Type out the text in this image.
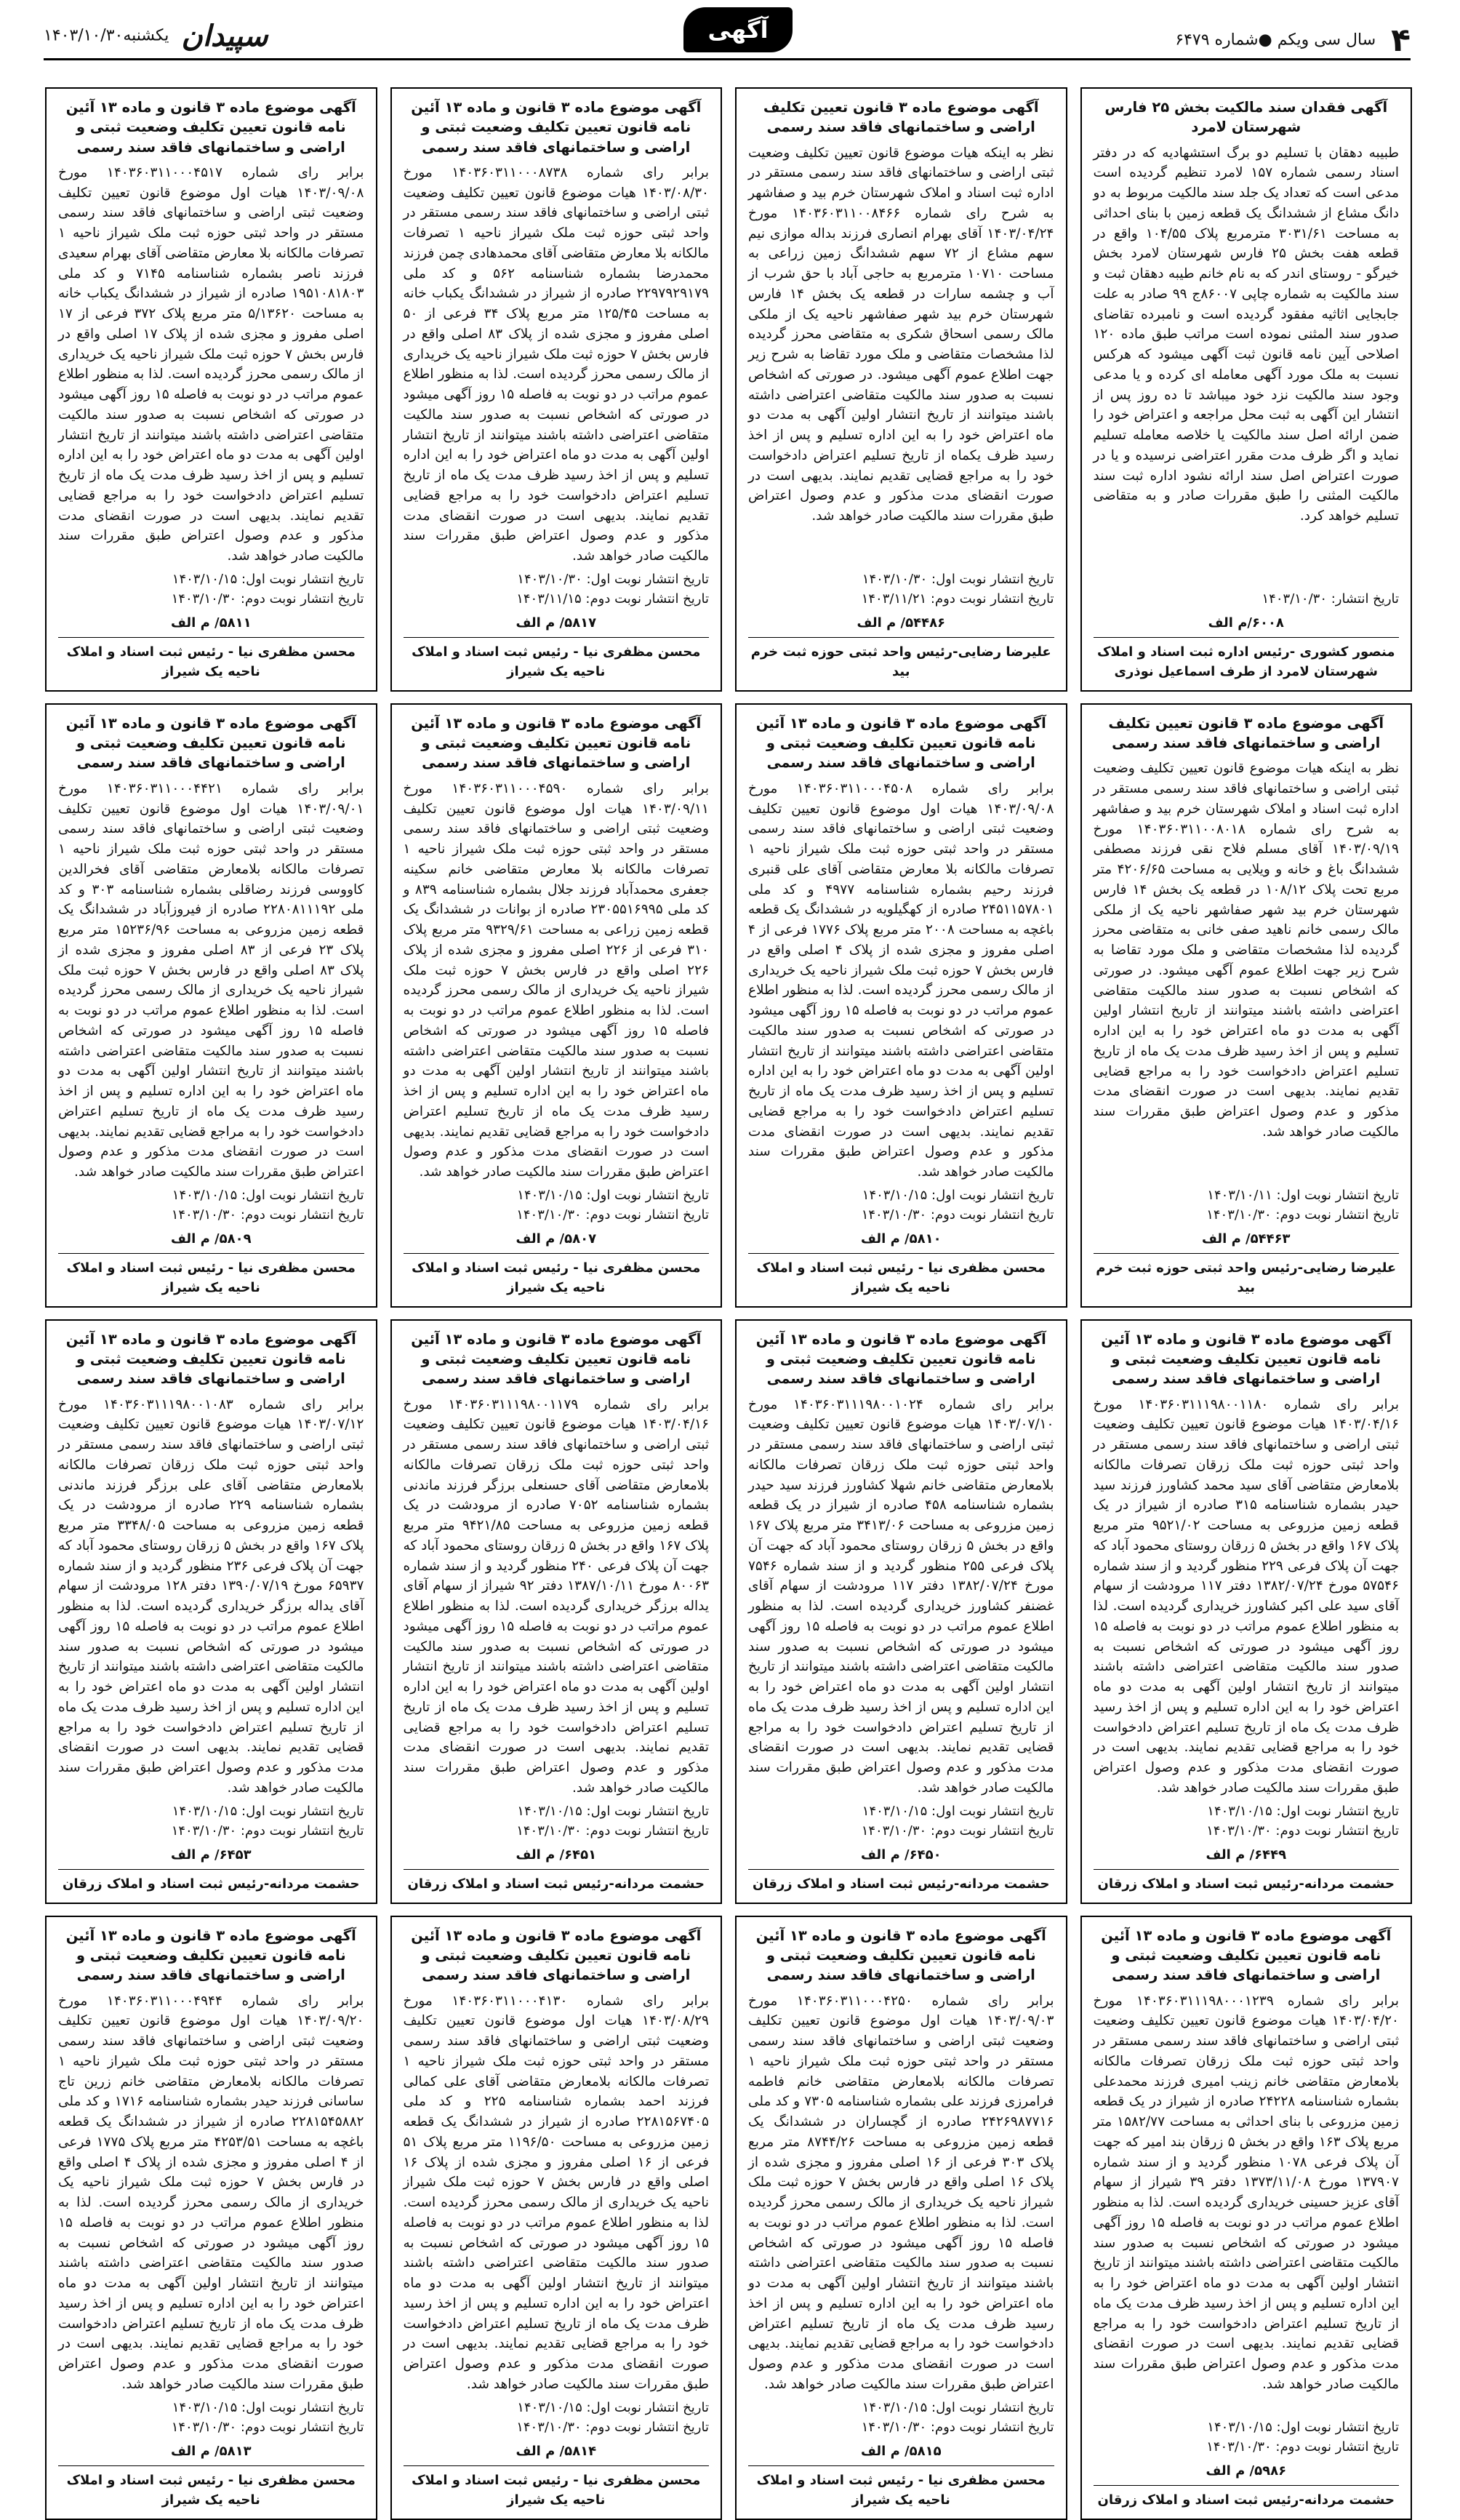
۴ سال سی ویکم ●شماره ۶۴۷۹
آگهی
سپیدان یکشنبه۱۴۰۳/۱۰/۳۰
آگهی فقدان سند مالکیت بخش ۲۵ فارس شهرستان لامرد
طبیبه دهقان با تسلیم دو برگ استشهادیه که در دفتر اسناد رسمی شماره ۱۵۷ لامرد تنظیم گردیده است مدعی است که تعداد یک جلد سند مالکیت مربوط به دو دانگ مشاع از ششدانگ یک قطعه زمین با بنای احداثی به مساحت ۳۰۳۱/۶۱ مترمربع پلاک ۱۰۴/۵۵ واقع در قطعه هفت بخش ۲۵ فارس شهرستان لامرد بخش خیرگو - روستای اندر که به نام خانم طیبه دهقان ثبت و سند مالکیت به شماره چاپی ۸۶۰۰۷ج ۹۹ صادر به علت جابجایی اثاثیه مفقود گردیده است و نامبرده تقاضای صدور سند المثنی نموده است مراتب طبق ماده ۱۲۰ اصلاحی آیین نامه قانون ثبت آگهی میشود که هرکس نسبت به ملک مورد آگهی معامله ای کرده و یا مدعی وجود سند مالکیت نزد خود میباشد تا ده روز پس از انتشار این آگهی به ثبت محل مراجعه و اعتراض خود را ضمن ارائه اصل سند مالکیت یا خلاصه معامله تسلیم نماید و اگر ظرف مدت مقرر اعتراضی نرسیده و یا در صورت اعتراض اصل سند ارائه نشود اداره ثبت سند مالکیت المثنی را طبق مقررات صادر و به متقاضی تسلیم خواهد کرد.
تاریخ انتشار: ۱۴۰۳/۱۰/۳۰
۶۰۰۸/م الف
منصور کشوری -رئیس اداره ثبت اسناد و املاک شهرستان لامرد از طرف اسماعیل نوذری
آگهی موضوع ماده ۳ قانون تعیین تکلیف اراضی و ساختمانهای فاقد سند رسمی
نظر به اینکه هیات موضوع قانون تعیین تکلیف وضعیت ثبتی اراضی و ساختمانهای فاقد سند رسمی مستقر در اداره ثبت اسناد و املاک شهرستان خرم بید و صفاشهر به شرح رای شماره ۱۴۰۳۶۰۳۱۱۰۰۸۴۶۶ مورخ ۱۴۰۳/۰۴/۲۴ آقای بهرام انصاری فرزند بداله موازی نیم سهم مشاع از ۷۲ سهم ششدانگ زمین زراعی به مساحت ۱۰۷۱۰ مترمربع به حاجی آباد با حق شرب از آب و چشمه سارات در قطعه یک بخش ۱۴ فارس شهرستان خرم بید شهر صفاشهر ناحیه یک از ملکی مالک رسمی اسحاق شکری به متقاضی محرز گردیده لذا مشخصات متقاضی و ملک مورد تقاضا به شرح زیر جهت اطلاع عموم آگهی میشود. در صورتی که اشخاص نسبت به صدور سند مالکیت متقاضی اعتراضی داشته باشند میتوانند از تاریخ انتشار اولین آگهی به مدت دو ماه اعتراض خود را به این اداره تسلیم و پس از اخذ رسید ظرف یکماه از تاریخ تسلیم اعتراض دادخواست خود را به مراجع قضایی تقدیم نمایند. بدیهی است در صورت انقضای مدت مذکور و عدم وصول اعتراض طبق مقررات سند مالکیت صادر خواهد شد.
تاریخ انتشار نوبت اول: ۱۴۰۳/۱۰/۳۰
تاریخ انتشار نوبت دوم: ۱۴۰۳/۱۱/۲۱
۵۴۴۸۶/ م الف
علیرضا رضایی-رئیس واحد ثبتی حوزه ثبت خرم بید
آگهی موضوع ماده ۳ قانون و ماده ۱۳ آئین نامه قانون تعیین تکلیف وضعیت ثبتی و اراضی و ساختمانهای فاقد سند رسمی
برابر رای شماره ۱۴۰۳۶۰۳۱۱۰۰۰۸۷۳۸ مورخ ۱۴۰۳/۰۸/۳۰ هیات موضوع قانون تعیین تکلیف وضعیت ثبتی اراضی و ساختمانهای فاقد سند رسمی مستقر در واحد ثبتی حوزه ثبت ملک شیراز ناحیه ۱ تصرفات مالکانه بلا معارض متقاضی آقای محمدهادی چمن فرزند محمدرضا بشماره شناسنامه ۵۶۲ و کد ملی ۲۲۹۷۹۲۹۱۷۹ صادره از شیراز در ششدانگ یکباب خانه به مساحت ۱۲۵/۴۵ متر مربع پلاک ۳۴ فرعی از ۵۰ اصلی مفروز و مجزی شده از پلاک ۸۳ اصلی واقع در فارس بخش ۷ حوزه ثبت ملک شیراز ناحیه یک خریداری از مالک رسمی محرز گردیده است. لذا به منظور اطلاع عموم مراتب در دو نوبت به فاصله ۱۵ روز آگهی میشود در صورتی که اشخاص نسبت به صدور سند مالکیت متقاضی اعتراضی داشته باشند میتوانند از تاریخ انتشار اولین آگهی به مدت دو ماه اعتراض خود را به این اداره تسلیم و پس از اخذ رسید ظرف مدت یک ماه از تاریخ تسلیم اعتراض دادخواست خود را به مراجع قضایی تقدیم نمایند. بدیهی است در صورت انقضای مدت مذکور و عدم وصول اعتراض طبق مقررات سند مالکیت صادر خواهد شد.
تاریخ انتشار نوبت اول: ۱۴۰۳/۱۰/۳۰
تاریخ انتشار نوبت دوم: ۱۴۰۳/۱۱/۱۵
۵۸۱۷/ م الف
محسن مظفری نیا - رئیس ثبت اسناد و املاک ناحیه یک شیراز
آگهی موضوع ماده ۳ قانون و ماده ۱۳ آئین نامه قانون تعیین تکلیف وضعیت ثبتی و اراضی و ساختمانهای فاقد سند رسمی
برابر رای شماره ۱۴۰۳۶۰۳۱۱۰۰۰۴۵۱۷ مورخ ۱۴۰۳/۰۹/۰۸ هیات اول موضوع قانون تعیین تکلیف وضعیت ثبتی اراضی و ساختمانهای فاقد سند رسمی مستقر در واحد ثبتی حوزه ثبت ملک شیراز ناحیه ۱ تصرفات مالکانه بلا معارض متقاضی آقای بهرام سعیدی فرزند ناصر بشماره شناسنامه ۷۱۴۵ و کد ملی ۱۹۵۱۰۸۱۸۰۳ صادره از شیراز در ششدانگ یکباب خانه به مساحت ۵/۱۳۶۲۰ متر مربع پلاک ۳۷۲ فرعی از ۱۷ اصلی مفروز و مجزی شده از پلاک ۱۷ اصلی واقع در فارس بخش ۷ حوزه ثبت ملک شیراز ناحیه یک خریداری از مالک رسمی محرز گردیده است. لذا به منظور اطلاع عموم مراتب در دو نوبت به فاصله ۱۵ روز آگهی میشود در صورتی که اشخاص نسبت به صدور سند مالکیت متقاضی اعتراضی داشته باشند میتوانند از تاریخ انتشار اولین آگهی به مدت دو ماه اعتراض خود را به این اداره تسلیم و پس از اخذ رسید ظرف مدت یک ماه از تاریخ تسلیم اعتراض دادخواست خود را به مراجع قضایی تقدیم نمایند. بدیهی است در صورت انقضای مدت مذکور و عدم وصول اعتراض طبق مقررات سند مالکیت صادر خواهد شد.
تاریخ انتشار نوبت اول: ۱۴۰۳/۱۰/۱۵
تاریخ انتشار نوبت دوم: ۱۴۰۳/۱۰/۳۰
۵۸۱۱/ م الف
محسن مظفری نیا - رئیس ثبت اسناد و املاک ناحیه یک شیراز
آگهی موضوع ماده ۳ قانون تعیین تکلیف اراضی و ساختمانهای فاقد سند رسمی
نظر به اینکه هیات موضوع قانون تعیین تکلیف وضعیت ثبتی اراضی و ساختمانهای فاقد سند رسمی مستقر در اداره ثبت اسناد و املاک شهرستان خرم بید و صفاشهر به شرح رای شماره ۱۴۰۳۶۰۳۱۱۰۰۸۰۱۸ مورخ ۱۴۰۳/۰۹/۱۹ آقای مسلم فلاح نقی فرزند مصطفی ششدانگ باغ و خانه و ویلایی به مساحت ۴۲۰۶/۶۵ متر مربع تحت پلاک ۱۰۸/۱۲ در قطعه یک بخش ۱۴ فارس شهرستان خرم بید شهر صفاشهر ناحیه یک از ملکی مالک رسمی خانم ناهید صفی خانی به متقاضی محرز گردیده لذا مشخصات متقاضی و ملک مورد تقاضا به شرح زیر جهت اطلاع عموم آگهی میشود. در صورتی که اشخاص نسبت به صدور سند مالکیت متقاضی اعتراضی داشته باشند میتوانند از تاریخ انتشار اولین آگهی به مدت دو ماه اعتراض خود را به این اداره تسلیم و پس از اخذ رسید ظرف مدت یک ماه از تاریخ تسلیم اعتراض دادخواست خود را به مراجع قضایی تقدیم نمایند. بدیهی است در صورت انقضای مدت مذکور و عدم وصول اعتراض طبق مقررات سند مالکیت صادر خواهد شد.
تاریخ انتشار نوبت اول: ۱۴۰۳/۱۰/۱۱
تاریخ انتشار نوبت دوم: ۱۴۰۳/۱۰/۳۰
۵۴۴۶۳/ م الف
علیرضا رضایی-رئیس واحد ثبتی حوزه ثبت خرم بید
آگهی موضوع ماده ۳ قانون و ماده ۱۳ آئین نامه قانون تعیین تکلیف وضعیت ثبتی و اراضی و ساختمانهای فاقد سند رسمی
برابر رای شماره ۱۴۰۳۶۰۳۱۱۰۰۰۴۵۰۸ مورخ ۱۴۰۳/۰۹/۰۸ هیات اول موضوع قانون تعیین تکلیف وضعیت ثبتی اراضی و ساختمانهای فاقد سند رسمی مستقر در واحد ثبتی حوزه ثبت ملک شیراز ناحیه ۱ تصرفات مالکانه بلا معارض متقاضی آقای علی قنبری فرزند رحیم بشماره شناسنامه ۴۹۷۷ و کد ملی ۲۴۵۱۱۵۷۸۰۱ صادره از کهگیلویه در ششدانگ یک قطعه باغچه به مساحت ۲۰۰۸ متر مربع پلاک ۱۷۷۶ فرعی از ۴ اصلی مفروز و مجزی شده از پلاک ۴ اصلی واقع در فارس بخش ۷ حوزه ثبت ملک شیراز ناحیه یک خریداری از مالک رسمی محرز گردیده است. لذا به منظور اطلاع عموم مراتب در دو نوبت به فاصله ۱۵ روز آگهی میشود در صورتی که اشخاص نسبت به صدور سند مالکیت متقاضی اعتراضی داشته باشند میتوانند از تاریخ انتشار اولین آگهی به مدت دو ماه اعتراض خود را به این اداره تسلیم و پس از اخذ رسید ظرف مدت یک ماه از تاریخ تسلیم اعتراض دادخواست خود را به مراجع قضایی تقدیم نمایند. بدیهی است در صورت انقضای مدت مذکور و عدم وصول اعتراض طبق مقررات سند مالکیت صادر خواهد شد.
تاریخ انتشار نوبت اول: ۱۴۰۳/۱۰/۱۵
تاریخ انتشار نوبت دوم: ۱۴۰۳/۱۰/۳۰
۵۸۱۰/ م الف
محسن مظفری نیا - رئیس ثبت اسناد و املاک ناحیه یک شیراز
آگهی موضوع ماده ۳ قانون و ماده ۱۳ آئین نامه قانون تعیین تکلیف وضعیت ثبتی و اراضی و ساختمانهای فاقد سند رسمی
برابر رای شماره ۱۴۰۳۶۰۳۱۱۰۰۰۴۵۹۰ مورخ ۱۴۰۳/۰۹/۱۱ هیات اول موضوع قانون تعیین تکلیف وضعیت ثبتی اراضی و ساختمانهای فاقد سند رسمی مستقر در واحد ثبتی حوزه ثبت ملک شیراز ناحیه ۱ تصرفات مالکانه بلا معارض متقاضی خانم سکینه جعفری محمدآباد فرزند جلال بشماره شناسنامه ۸۳۹ و کد ملی ۲۳۰۵۵۱۶۹۹۵ صادره از بوانات در ششدانگ یک قطعه زمین زراعی به مساحت ۹۳۲۹/۶۱ متر مربع پلاک ۳۱۰ فرعی از ۲۲۶ اصلی مفروز و مجزی شده از پلاک ۲۲۶ اصلی واقع در فارس بخش ۷ حوزه ثبت ملک شیراز ناحیه یک خریداری از مالک رسمی محرز گردیده است. لذا به منظور اطلاع عموم مراتب در دو نوبت به فاصله ۱۵ روز آگهی میشود در صورتی که اشخاص نسبت به صدور سند مالکیت متقاضی اعتراضی داشته باشند میتوانند از تاریخ انتشار اولین آگهی به مدت دو ماه اعتراض خود را به این اداره تسلیم و پس از اخذ رسید ظرف مدت یک ماه از تاریخ تسلیم اعتراض دادخواست خود را به مراجع قضایی تقدیم نمایند. بدیهی است در صورت انقضای مدت مذکور و عدم وصول اعتراض طبق مقررات سند مالکیت صادر خواهد شد.
تاریخ انتشار نوبت اول: ۱۴۰۳/۱۰/۱۵
تاریخ انتشار نوبت دوم: ۱۴۰۳/۱۰/۳۰
۵۸۰۷/ م الف
محسن مظفری نیا - رئیس ثبت اسناد و املاک ناحیه یک شیراز
آگهی موضوع ماده ۳ قانون و ماده ۱۳ آئین نامه قانون تعیین تکلیف وضعیت ثبتی و اراضی و ساختمانهای فاقد سند رسمی
برابر رای شماره ۱۴۰۳۶۰۳۱۱۰۰۰۴۴۲۱ مورخ ۱۴۰۳/۰۹/۰۱ هیات اول موضوع قانون تعیین تکلیف وضعیت ثبتی اراضی و ساختمانهای فاقد سند رسمی مستقر در واحد ثبتی حوزه ثبت ملک شیراز ناحیه ۱ تصرفات مالکانه بلامعارض متقاضی آقای فخرالدین کاووسی فرزند رضاقلی بشماره شناسنامه ۳۰۳ و کد ملی ۲۲۸۰۸۱۱۱۹۲ صادره از فیروزآباد در ششدانگ یک قطعه زمین مزروعی به مساحت ۱۵۲۳۶/۹۶ متر مربع پلاک ۲۳ فرعی از ۸۳ اصلی مفروز و مجزی شده از پلاک ۸۳ اصلی واقع در فارس بخش ۷ حوزه ثبت ملک شیراز ناحیه یک خریداری از مالک رسمی محرز گردیده است. لذا به منظور اطلاع عموم مراتب در دو نوبت به فاصله ۱۵ روز آگهی میشود در صورتی که اشخاص نسبت به صدور سند مالکیت متقاضی اعتراضی داشته باشند میتوانند از تاریخ انتشار اولین آگهی به مدت دو ماه اعتراض خود را به این اداره تسلیم و پس از اخذ رسید ظرف مدت یک ماه از تاریخ تسلیم اعتراض دادخواست خود را به مراجع قضایی تقدیم نمایند. بدیهی است در صورت انقضای مدت مذکور و عدم وصول اعتراض طبق مقررات سند مالکیت صادر خواهد شد.
تاریخ انتشار نوبت اول: ۱۴۰۳/۱۰/۱۵
تاریخ انتشار نوبت دوم: ۱۴۰۳/۱۰/۳۰
۵۸۰۹/ م الف
محسن مظفری نیا - رئیس ثبت اسناد و املاک ناحیه یک شیراز
آگهی موضوع ماده ۳ قانون و ماده ۱۳ آئین نامه قانون تعیین تکلیف وضعیت ثبتی و اراضی و ساختمانهای فاقد سند رسمی
برابر رای شماره ۱۴۰۳۶۰۳۱۱۱۹۸۰۰۱۱۸۰ مورخ ۱۴۰۳/۰۴/۱۶ هیات موضوع قانون تعیین تکلیف وضعیت ثبتی اراضی و ساختمانهای فاقد سند رسمی مستقر در واحد ثبتی حوزه ثبت ملک زرقان تصرفات مالکانه بلامعارض متقاضی آقای سید محمد کشاورز فرزند سید حیدر بشماره شناسنامه ۳۱۵ صادره از شیراز در یک قطعه زمین مزروعی به مساحت ۹۵۲۱/۰۲ متر مربع پلاک ۱۶۷ واقع در بخش ۵ زرقان روستای محمود آباد که جهت آن پلاک فرعی ۲۲۹ منظور گردید و از سند شماره ۵۷۵۴۶ مورخ ۱۳۸۲/۰۷/۲۴ دفتر ۱۱۷ مرودشت از سهام آقای سید علی اکبر کشاورز خریداری گردیده است. لذا به منظور اطلاع عموم مراتب در دو نوبت به فاصله ۱۵ روز آگهی میشود در صورتی که اشخاص نسبت به صدور سند مالکیت متقاضی اعتراضی داشته باشند میتوانند از تاریخ انتشار اولین آگهی به مدت دو ماه اعتراض خود را به این اداره تسلیم و پس از اخذ رسید ظرف مدت یک ماه از تاریخ تسلیم اعتراض دادخواست خود را به مراجع قضایی تقدیم نمایند. بدیهی است در صورت انقضای مدت مذکور و عدم وصول اعتراض طبق مقررات سند مالکیت صادر خواهد شد.
تاریخ انتشار نوبت اول: ۱۴۰۳/۱۰/۱۵
تاریخ انتشار نوبت دوم: ۱۴۰۳/۱۰/۳۰
۶۴۴۹/ م الف
حشمت مردانه-رئیس ثبت اسناد و املاک زرقان
آگهی موضوع ماده ۳ قانون و ماده ۱۳ آئین نامه قانون تعیین تکلیف وضعیت ثبتی و اراضی و ساختمانهای فاقد سند رسمی
برابر رای شماره ۱۴۰۳۶۰۳۱۱۱۹۸۰۰۱۰۲۴ مورخ ۱۴۰۳/۰۷/۱۰ هیات موضوع قانون تعیین تکلیف وضعیت ثبتی اراضی و ساختمانهای فاقد سند رسمی مستقر در واحد ثبتی حوزه ثبت ملک زرقان تصرفات مالکانه بلامعارض متقاضی خانم شهلا کشاورز فرزند سید حیدر بشماره شناسنامه ۴۵۸ صادره از شیراز در یک قطعه زمین مزروعی به مساحت ۳۴۱۳/۰۶ متر مربع پلاک ۱۶۷ واقع در بخش ۵ زرقان روستای محمود آباد که جهت آن پلاک فرعی ۲۵۵ منظور گردید و از سند شماره ۷۵۴۶ مورخ ۱۳۸۲/۰۷/۲۴ دفتر ۱۱۷ مرودشت از سهام آقای غضنفر کشاورز خریداری گردیده است. لذا به منظور اطلاع عموم مراتب در دو نوبت به فاصله ۱۵ روز آگهی میشود در صورتی که اشخاص نسبت به صدور سند مالکیت متقاضی اعتراضی داشته باشند میتوانند از تاریخ انتشار اولین آگهی به مدت دو ماه اعتراض خود را به این اداره تسلیم و پس از اخذ رسید ظرف مدت یک ماه از تاریخ تسلیم اعتراض دادخواست خود را به مراجع قضایی تقدیم نمایند. بدیهی است در صورت انقضای مدت مذکور و عدم وصول اعتراض طبق مقررات سند مالکیت صادر خواهد شد.
تاریخ انتشار نوبت اول: ۱۴۰۳/۱۰/۱۵
تاریخ انتشار نوبت دوم: ۱۴۰۳/۱۰/۳۰
۶۴۵۰/ م الف
حشمت مردانه-رئیس ثبت اسناد و املاک زرقان
آگهی موضوع ماده ۳ قانون و ماده ۱۳ آئین نامه قانون تعیین تکلیف وضعیت ثبتی و اراضی و ساختمانهای فاقد سند رسمی
برابر رای شماره ۱۴۰۳۶۰۳۱۱۱۹۸۰۰۱۱۷۹ مورخ ۱۴۰۳/۰۴/۱۶ هیات موضوع قانون تعیین تکلیف وضعیت ثبتی اراضی و ساختمانهای فاقد سند رسمی مستقر در واحد ثبتی حوزه ثبت ملک زرقان تصرفات مالکانه بلامعارض متقاضی آقای حسنعلی برزگر فرزند ماندنی بشماره شناسنامه ۷۰۵۲ صادره از مرودشت در یک قطعه زمین مزروعی به مساحت ۹۴۲۱/۸۵ متر مربع پلاک ۱۶۷ واقع در بخش ۵ زرقان روستای محمود آباد که جهت آن پلاک فرعی ۲۴۰ منظور گردید و از سند شماره ۸۰۰۶۳ مورخ ۱۳۸۷/۱۰/۱۱ دفتر ۹۲ شیراز از سهام آقای یداله برزگر خریداری گردیده است. لذا به منظور اطلاع عموم مراتب در دو نوبت به فاصله ۱۵ روز آگهی میشود در صورتی که اشخاص نسبت به صدور سند مالکیت متقاضی اعتراضی داشته باشند میتوانند از تاریخ انتشار اولین آگهی به مدت دو ماه اعتراض خود را به این اداره تسلیم و پس از اخذ رسید ظرف مدت یک ماه از تاریخ تسلیم اعتراض دادخواست خود را به مراجع قضایی تقدیم نمایند. بدیهی است در صورت انقضای مدت مذکور و عدم وصول اعتراض طبق مقررات سند مالکیت صادر خواهد شد.
تاریخ انتشار نوبت اول: ۱۴۰۳/۱۰/۱۵
تاریخ انتشار نوبت دوم: ۱۴۰۳/۱۰/۳۰
۶۴۵۱/ م الف
حشمت مردانه-رئیس ثبت اسناد و املاک زرقان
آگهی موضوع ماده ۳ قانون و ماده ۱۳ آئین نامه قانون تعیین تکلیف وضعیت ثبتی و اراضی و ساختمانهای فاقد سند رسمی
برابر رای شماره ۱۴۰۳۶۰۳۱۱۱۹۸۰۰۱۰۸۳ مورخ ۱۴۰۳/۰۷/۱۲ هیات موضوع قانون تعیین تکلیف وضعیت ثبتی اراضی و ساختمانهای فاقد سند رسمی مستقر در واحد ثبتی حوزه ثبت ملک زرقان تصرفات مالکانه بلامعارض متقاضی آقای علی برزگر فرزند ماندنی بشماره شناسنامه ۲۲۹ صادره از مرودشت در یک قطعه زمین مزروعی به مساحت ۳۳۴۸/۰۵ متر مربع پلاک ۱۶۷ واقع در بخش ۵ زرقان روستای محمود آباد که جهت آن پلاک فرعی ۲۳۶ منظور گردید و از سند شماره ۶۵۹۳۷ مورخ ۱۳۹۰/۰۷/۱۹ دفتر ۱۲۸ مرودشت از سهام آقای یداله برزگر خریداری گردیده است. لذا به منظور اطلاع عموم مراتب در دو نوبت به فاصله ۱۵ روز آگهی میشود در صورتی که اشخاص نسبت به صدور سند مالکیت متقاضی اعتراضی داشته باشند میتوانند از تاریخ انتشار اولین آگهی به مدت دو ماه اعتراض خود را به این اداره تسلیم و پس از اخذ رسید ظرف مدت یک ماه از تاریخ تسلیم اعتراض دادخواست خود را به مراجع قضایی تقدیم نمایند. بدیهی است در صورت انقضای مدت مذکور و عدم وصول اعتراض طبق مقررات سند مالکیت صادر خواهد شد.
تاریخ انتشار نوبت اول: ۱۴۰۳/۱۰/۱۵
تاریخ انتشار نوبت دوم: ۱۴۰۳/۱۰/۳۰
۶۴۵۳/ م الف
حشمت مردانه-رئیس ثبت اسناد و املاک زرقان
آگهی موضوع ماده ۳ قانون و ماده ۱۳ آئین نامه قانون تعیین تکلیف وضعیت ثبتی و اراضی و ساختمانهای فاقد سند رسمی
برابر رای شماره ۱۴۰۳۶۰۳۱۱۱۹۸۰۰۰۱۲۳۹ مورخ ۱۴۰۳/۰۴/۲۰ هیات موضوع قانون تعیین تکلیف وضعیت ثبتی اراضی و ساختمانهای فاقد سند رسمی مستقر در واحد ثبتی حوزه ثبت ملک زرقان تصرفات مالکانه بلامعارض متقاضی خانم زینب امیری فرزند محمدعلی بشماره شناسنامه ۲۴۲۲۸ صادره از شیراز در یک قطعه زمین مزروعی با بنای احداثی به مساحت ۱۵۸۲/۷۷ متر مربع پلاک ۱۶۳ واقع در بخش ۵ زرقان بند امیر که جهت آن پلاک فرعی ۱۰۷۸ منظور گردید و از سند شماره ۱۳۷۹۰۷ مورخ ۱۳۷۳/۱۱/۰۸ دفتر ۳۹ شیراز از سهام آقای عزیز حسینی خریداری گردیده است. لذا به منظور اطلاع عموم مراتب در دو نوبت به فاصله ۱۵ روز آگهی میشود در صورتی که اشخاص نسبت به صدور سند مالکیت متقاضی اعتراضی داشته باشند میتوانند از تاریخ انتشار اولین آگهی به مدت دو ماه اعتراض خود را به این اداره تسلیم و پس از اخذ رسید ظرف مدت یک ماه از تاریخ تسلیم اعتراض دادخواست خود را به مراجع قضایی تقدیم نمایند. بدیهی است در صورت انقضای مدت مذکور و عدم وصول اعتراض طبق مقررات سند مالکیت صادر خواهد شد.
تاریخ انتشار نوبت اول: ۱۴۰۳/۱۰/۱۵
تاریخ انتشار نوبت دوم: ۱۴۰۳/۱۰/۳۰
۵۹۸۶/ م الف
حشمت مردانه-رئیس ثبت اسناد و املاک زرقان
آگهی موضوع ماده ۳ قانون و ماده ۱۳ آئین نامه قانون تعیین تکلیف وضعیت ثبتی و اراضی و ساختمانهای فاقد سند رسمی
برابر رای شماره ۱۴۰۳۶۰۳۱۱۰۰۰۴۲۵۰ مورخ ۱۴۰۳/۰۹/۰۳ هیات اول موضوع قانون تعیین تکلیف وضعیت ثبتی اراضی و ساختمانهای فاقد سند رسمی مستقر در واحد ثبتی حوزه ثبت ملک شیراز ناحیه ۱ تصرفات مالکانه بلامعارض متقاضی خانم فاطمه فرامرزی فرزند علی بشماره شناسنامه ۷۳۰۵ و کد ملی ۲۴۲۶۹۸۷۷۱۶ صادره از گچساران در ششدانگ یک قطعه زمین مزروعی به مساحت ۸۷۴۴/۲۶ متر مربع پلاک ۳۰۳ فرعی از ۱۶ اصلی مفروز و مجزی شده از پلاک ۱۶ اصلی واقع در فارس بخش ۷ حوزه ثبت ملک شیراز ناحیه یک خریداری از مالک رسمی محرز گردیده است. لذا به منظور اطلاع عموم مراتب در دو نوبت به فاصله ۱۵ روز آگهی میشود در صورتی که اشخاص نسبت به صدور سند مالکیت متقاضی اعتراضی داشته باشند میتوانند از تاریخ انتشار اولین آگهی به مدت دو ماه اعتراض خود را به این اداره تسلیم و پس از اخذ رسید ظرف مدت یک ماه از تاریخ تسلیم اعتراض دادخواست خود را به مراجع قضایی تقدیم نمایند. بدیهی است در صورت انقضای مدت مذکور و عدم وصول اعتراض طبق مقررات سند مالکیت صادر خواهد شد.
تاریخ انتشار نوبت اول: ۱۴۰۳/۱۰/۱۵
تاریخ انتشار نوبت دوم: ۱۴۰۳/۱۰/۳۰
۵۸۱۵/ م الف
محسن مظفری نیا - رئیس ثبت اسناد و املاک ناحیه یک شیراز
آگهی موضوع ماده ۳ قانون و ماده ۱۳ آئین نامه قانون تعیین تکلیف وضعیت ثبتی و اراضی و ساختمانهای فاقد سند رسمی
برابر رای شماره ۱۴۰۳۶۰۳۱۱۰۰۰۴۱۳۰ مورخ ۱۴۰۳/۰۸/۲۹ هیات اول موضوع قانون تعیین تکلیف وضعیت ثبتی اراضی و ساختمانهای فاقد سند رسمی مستقر در واحد ثبتی حوزه ثبت ملک شیراز ناحیه ۱ تصرفات مالکانه بلامعارض متقاضی آقای علی کمالی فرزند احمد بشماره شناسنامه ۲۲۵ و کد ملی ۲۲۸۱۵۶۷۴۰۵ صادره از شیراز در ششدانگ یک قطعه زمین مزروعی به مساحت ۱۱۹۶/۵۰ متر مربع پلاک ۵۱ فرعی از ۱۶ اصلی مفروز و مجزی شده از پلاک ۱۶ اصلی واقع در فارس بخش ۷ حوزه ثبت ملک شیراز ناحیه یک خریداری از مالک رسمی محرز گردیده است. لذا به منظور اطلاع عموم مراتب در دو نوبت به فاصله ۱۵ روز آگهی میشود در صورتی که اشخاص نسبت به صدور سند مالکیت متقاضی اعتراضی داشته باشند میتوانند از تاریخ انتشار اولین آگهی به مدت دو ماه اعتراض خود را به این اداره تسلیم و پس از اخذ رسید ظرف مدت یک ماه از تاریخ تسلیم اعتراض دادخواست خود را به مراجع قضایی تقدیم نمایند. بدیهی است در صورت انقضای مدت مذکور و عدم وصول اعتراض طبق مقررات سند مالکیت صادر خواهد شد.
تاریخ انتشار نوبت اول: ۱۴۰۳/۱۰/۱۵
تاریخ انتشار نوبت دوم: ۱۴۰۳/۱۰/۳۰
۵۸۱۴/ م الف
محسن مظفری نیا - رئیس ثبت اسناد و املاک ناحیه یک شیراز
آگهی موضوع ماده ۳ قانون و ماده ۱۳ آئین نامه قانون تعیین تکلیف وضعیت ثبتی و اراضی و ساختمانهای فاقد سند رسمی
برابر رای شماره ۱۴۰۳۶۰۳۱۱۰۰۰۴۹۴۴ مورخ ۱۴۰۳/۰۹/۲۰ هیات اول موضوع قانون تعیین تکلیف وضعیت ثبتی اراضی و ساختمانهای فاقد سند رسمی مستقر در واحد ثبتی حوزه ثبت ملک شیراز ناحیه ۱ تصرفات مالکانه بلامعارض متقاضی خانم زرین تاج ساسانی فرزند حیدر بشماره شناسنامه ۱۷۱۶ و کد ملی ۲۲۸۱۵۴۵۸۸۲ صادره از شیراز در ششدانگ یک قطعه باغچه به مساحت ۴۲۵۳/۵۱ متر مربع پلاک ۱۷۷۵ فرعی از ۴ اصلی مفروز و مجزی شده از پلاک ۴ اصلی واقع در فارس بخش ۷ حوزه ثبت ملک شیراز ناحیه یک خریداری از مالک رسمی محرز گردیده است. لذا به منظور اطلاع عموم مراتب در دو نوبت به فاصله ۱۵ روز آگهی میشود در صورتی که اشخاص نسبت به صدور سند مالکیت متقاضی اعتراضی داشته باشند میتوانند از تاریخ انتشار اولین آگهی به مدت دو ماه اعتراض خود را به این اداره تسلیم و پس از اخذ رسید ظرف مدت یک ماه از تاریخ تسلیم اعتراض دادخواست خود را به مراجع قضایی تقدیم نمایند. بدیهی است در صورت انقضای مدت مذکور و عدم وصول اعتراض طبق مقررات سند مالکیت صادر خواهد شد.
تاریخ انتشار نوبت اول: ۱۴۰۳/۱۰/۱۵
تاریخ انتشار نوبت دوم: ۱۴۰۳/۱۰/۳۰
۵۸۱۳/ م الف
محسن مظفری نیا - رئیس ثبت اسناد و املاک ناحیه یک شیراز
